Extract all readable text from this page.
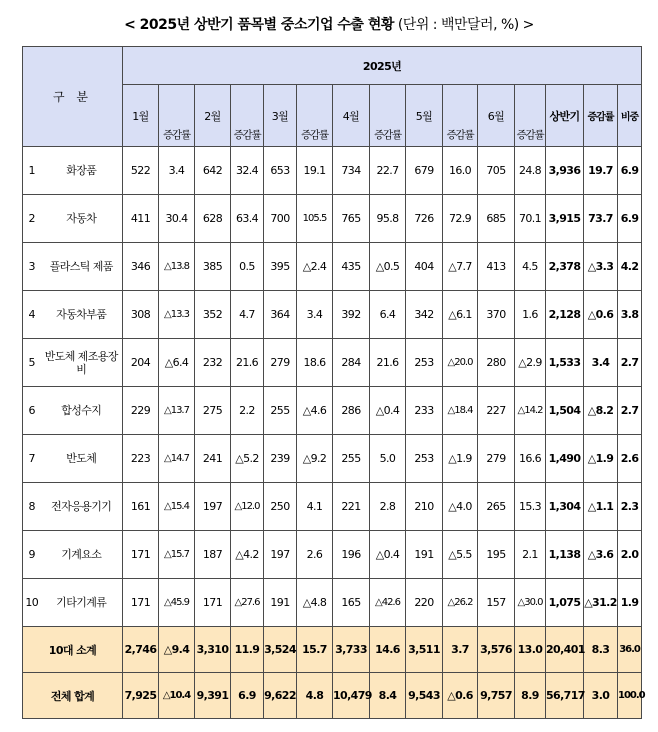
< 2025년 상반기 품목별 중소기업 수출 현황 (단위 : 백만달러, %) >
구 분		2025년														
		1월	증감률	2월	증감률	3월	증감률	4월	증감률	5월	증감률	6월	증감률	상반기	증감률	비중
1	화장품	522	3.4	642	32.4	653	19.1	734	22.7	679	16.0	705	24.8	3,936	19.7	6.9
2	자동차	411	30.4	628	63.4	700	105.5	765	95.8	726	72.9	685	70.1	3,915	73.7	6.9
3	플라스틱 제품	346	△13.8	385	0.5	395	△2.4	435	△0.5	404	△7.7	413	4.5	2,378	△3.3	4.2
4	자동차부품	308	△13.3	352	4.7	364	3.4	392	6.4	342	△6.1	370	1.6	2,128	△0.6	3.8
5	반도체 제조용장비	204	△6.4	232	21.6	279	18.6	284	21.6	253	△20.0	280	△2.9	1,533	3.4	2.7
6	합성수지	229	△13.7	275	2.2	255	△4.6	286	△0.4	233	△18.4	227	△14.2	1,504	△8.2	2.7
7	반도체	223	△14.7	241	△5.2	239	△9.2	255	5.0	253	△1.9	279	16.6	1,490	△1.9	2.6
8	전자응용기기	161	△15.4	197	△12.0	250	4.1	221	2.8	210	△4.0	265	15.3	1,304	△1.1	2.3
9	기계요소	171	△15.7	187	△4.2	197	2.6	196	△0.4	191	△5.5	195	2.1	1,138	△3.6	2.0
10	기타기계류	171	△45.9	171	△27.6	191	△4.8	165	△42.6	220	△26.2	157	△30.0	1,075	△31.2	1.9
10대 소계		2,746	△9.4	3,310	11.9	3,524	15.7	3,733	14.6	3,511	3.7	3,576	13.0	20,401	8.3	36.0
전체 합계		7,925	△10.4	9,391	6.9	9,622	4.8	10,479	8.4	9,543	△0.6	9,757	8.9	56,717	3.0	100.0
